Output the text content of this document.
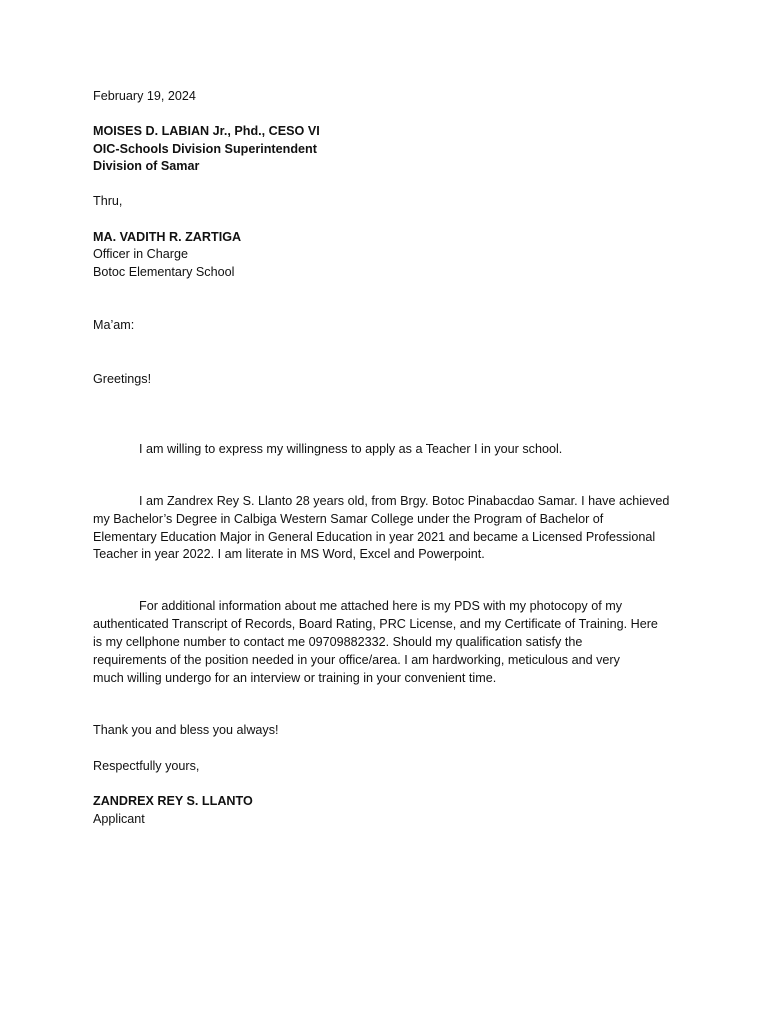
February 19, 2024
MOISES D. LABIAN Jr., Phd., CESO VI
OIC-Schools Division Superintendent
Division of Samar
Thru,
MA. VADITH R. ZARTIGA
Officer in Charge
Botoc Elementary School
Ma’am:
Greetings!
I am willing to express my willingness to apply as a Teacher I in your school.
I am Zandrex Rey S. Llanto 28 years old, from Brgy. Botoc Pinabacdao Samar. I have achieved
my Bachelor’s Degree in Calbiga Western Samar College under the Program of Bachelor of
Elementary Education Major in General Education in year 2021 and became a Licensed Professional
Teacher in year 2022. I am literate in MS Word, Excel and Powerpoint.
For additional information about me attached here is my PDS with my photocopy of my
authenticated Transcript of Records, Board Rating, PRC License, and my Certificate of Training. Here
is my cellphone number to contact me 09709882332. Should my qualification satisfy the
requirements of the position needed in your office/area. I am hardworking, meticulous and very
much willing undergo for an interview or training in your convenient time.
Thank you and bless you always!
Respectfully yours,
ZANDREX REY S. LLANTO
Applicant
